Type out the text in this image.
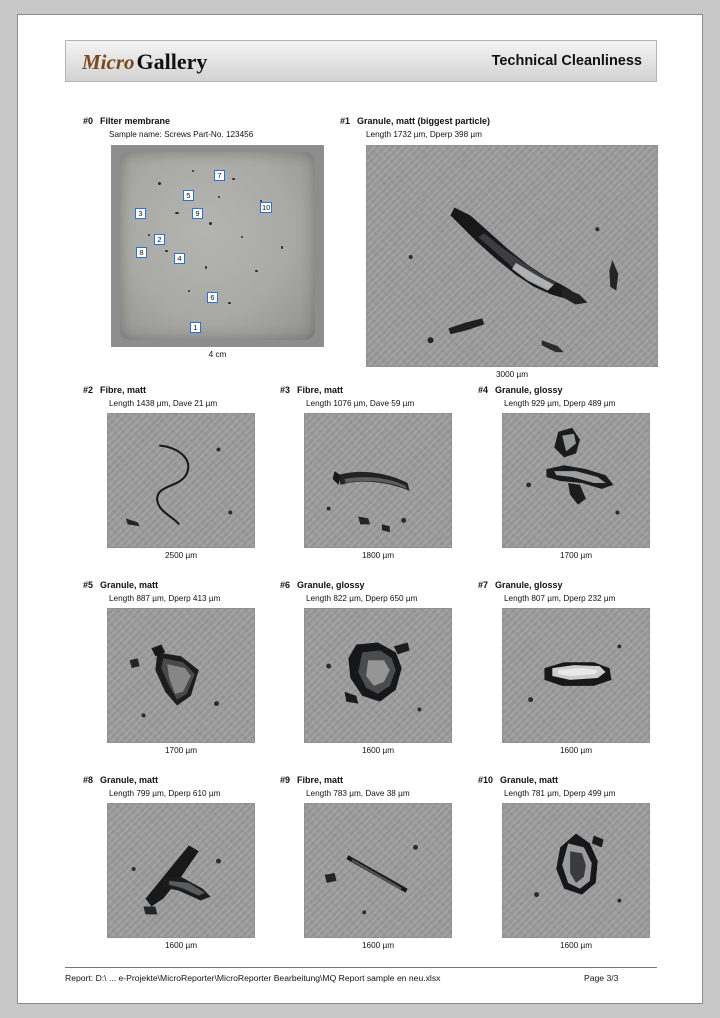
MicroGallery	Technical Cleanliness
#0 Filter membrane
Sample name: Screws Part-No. 123456
7
5
3	9
10
2
8
4
6
1
4 cm
#1 Granule, matt (biggest particle)
Length 1732 µm, Dperp 398 µm
3000 µm
#2 Fibre, matt
Length 1438 µm, Dave 21 µm
2500 µm
#3 Fibre, matt
Length 1076 µm, Dave 59 µm
1800 µm
#4 Granule, glossy
Length 929 µm, Dperp 489 µm
1700 µm
#5 Granule, matt
Length 887 µm, Dperp 413 µm
1700 µm
#6 Granule, glossy
Length 822 µm, Dperp 650 µm
1600 µm
#7 Granule, glossy
Length 807 µm, Dperp 232 µm
1600 µm
#8 Granule, matt
Length 799 µm, Dperp 610 µm
1600 µm
#9 Fibre, matt
Length 783 µm, Dave 38 µm
1600 µm
#10 Granule, matt
Length 781 µm, Dperp 499 µm
1600 µm
Report: D:\ ... e-Projekte\MicroReporter\MicroReporter Bearbeitung\MQ Report sample en neu.xlsx	Page 3/3
